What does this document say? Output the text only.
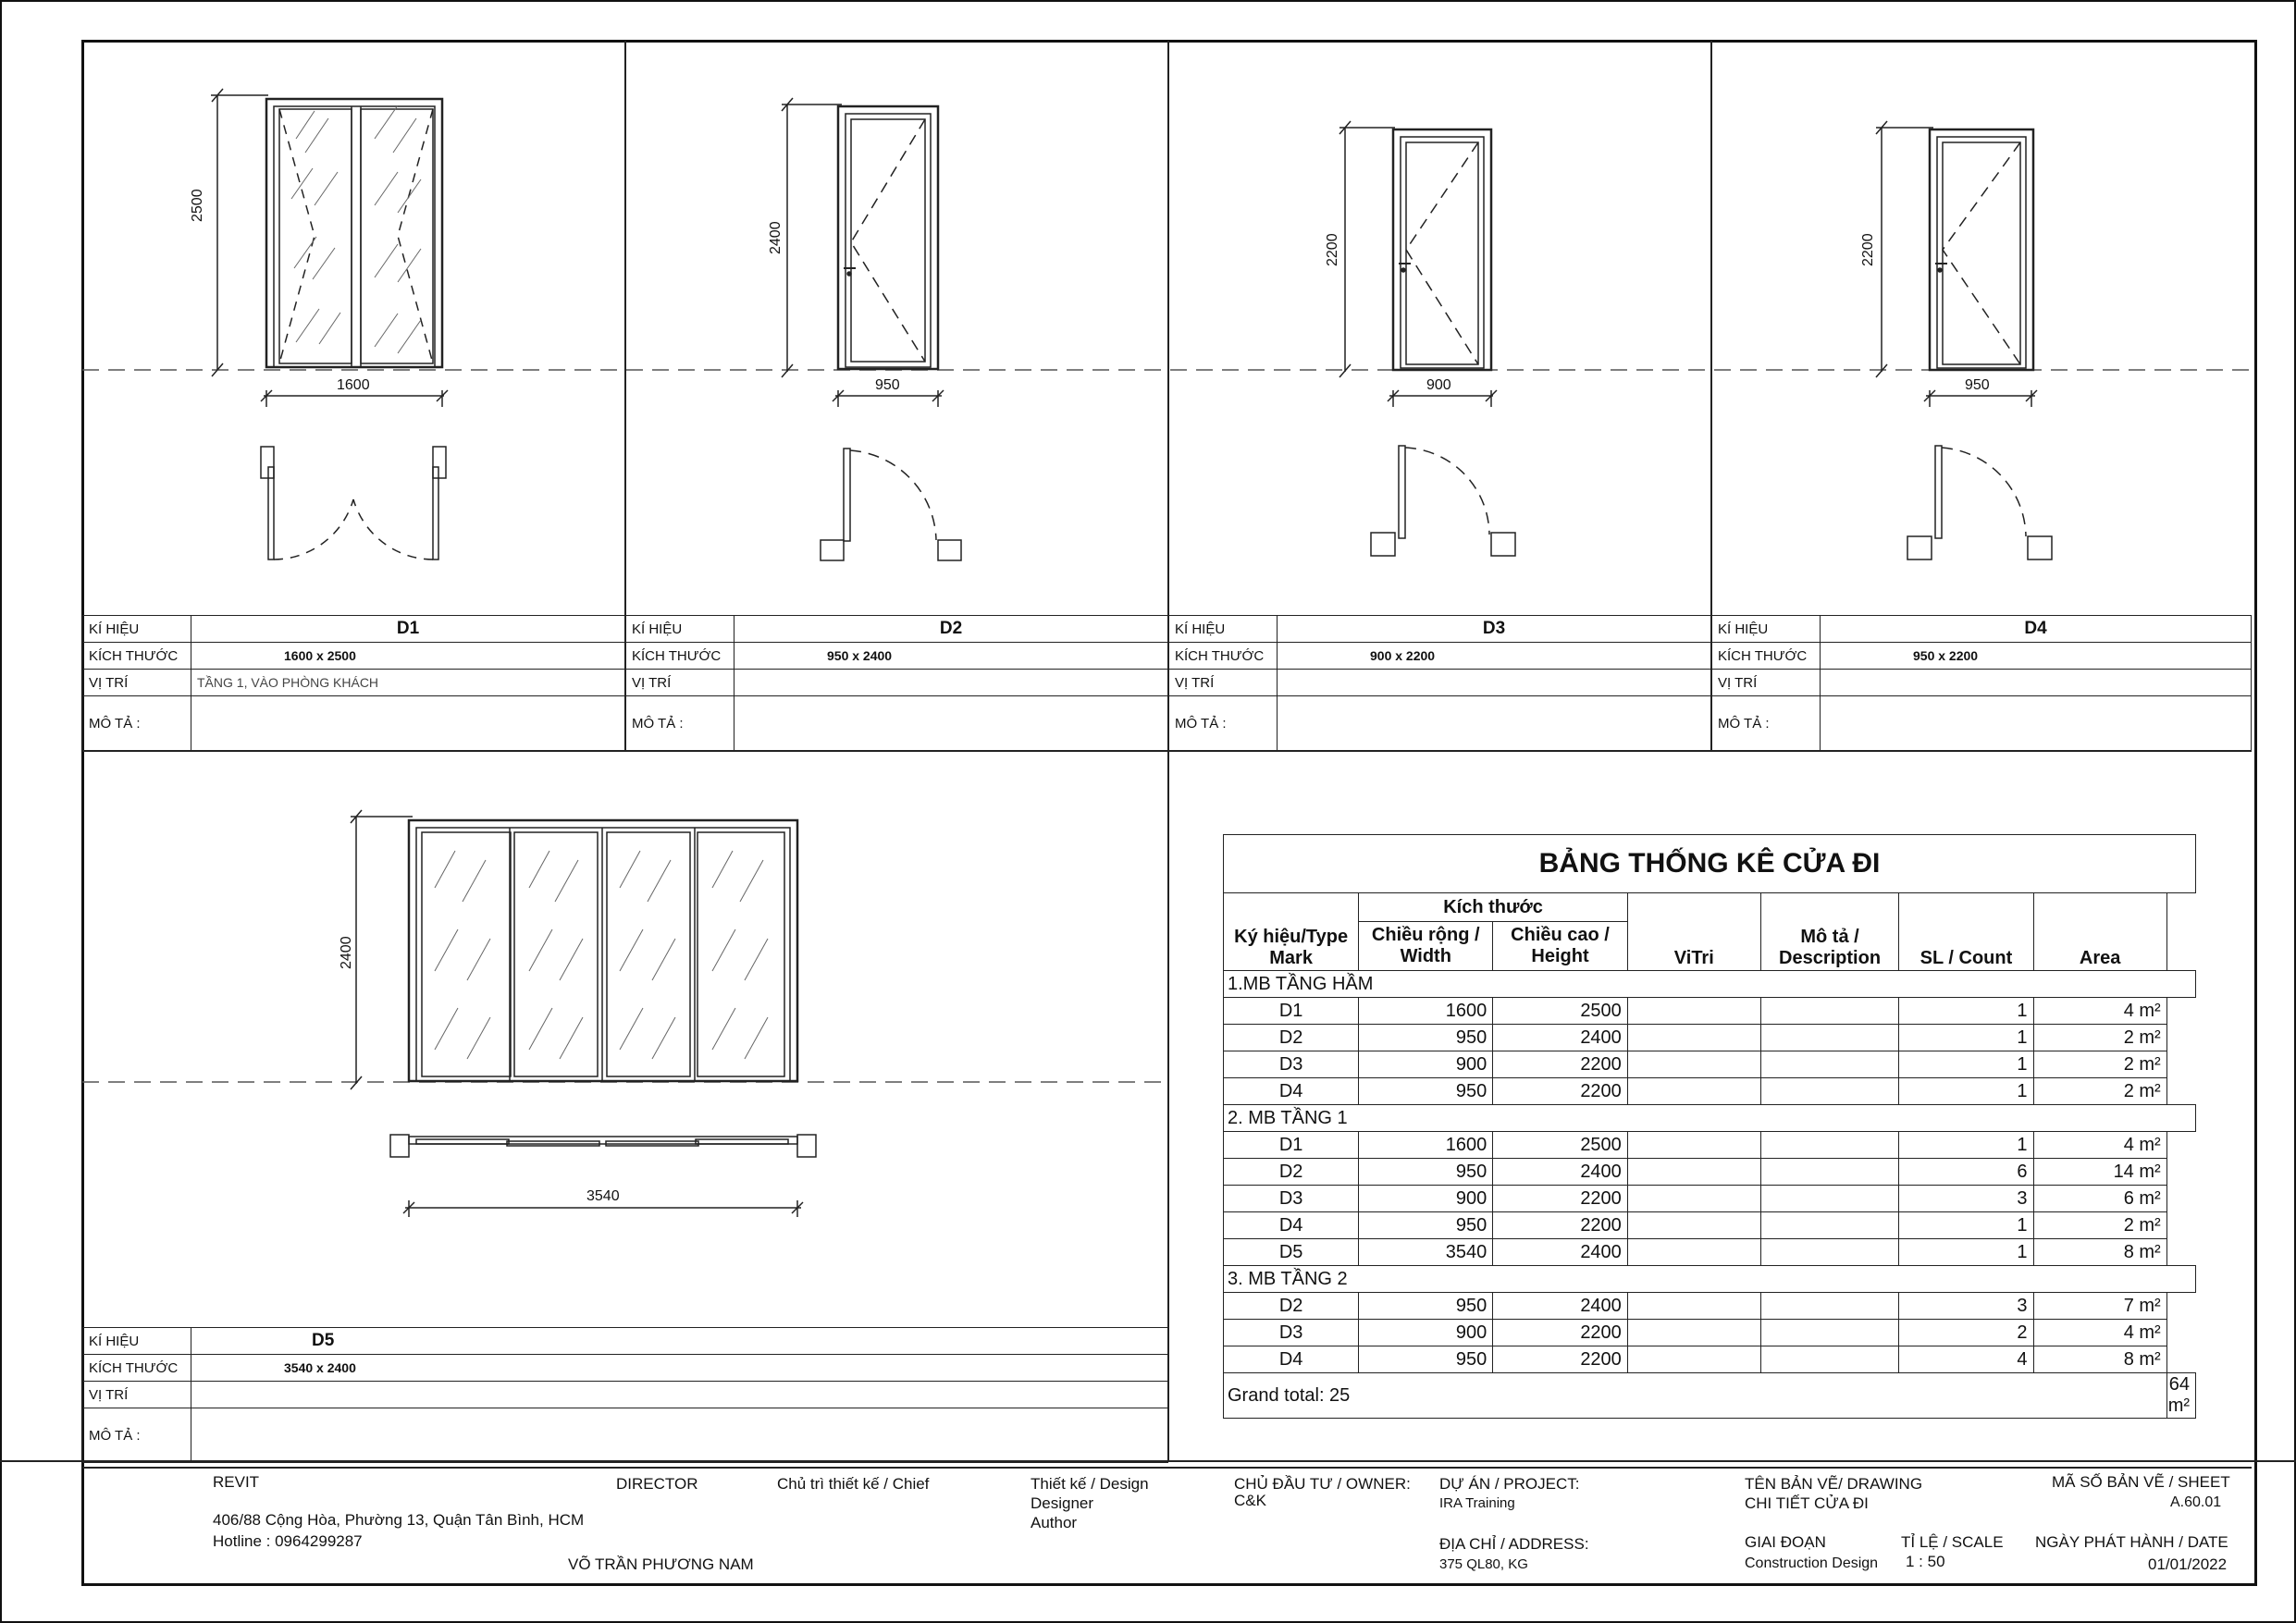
2500
1600
2400
950
2200
900
2200
950
2400
3540
KÍ HIỆU	D1
KÍCH THƯỚC	1600 x 2500
VỊ TRÍ	TẦNG 1, VÀO PHÒNG KHÁCH
MÔ TẢ :	
KÍ HIỆU	D2
KÍCH THƯỚC	950 x 2400
VỊ TRÍ	
MÔ TẢ :	
KÍ HIỆU	D3
KÍCH THƯỚC	900 x 2200
VỊ TRÍ	
MÔ TẢ :	
KÍ HIỆU	D4
KÍCH THƯỚC	950 x 2200
VỊ TRÍ	
MÔ TẢ :	
KÍ HIỆU	D5
KÍCH THƯỚC	3540 x 2400
VỊ TRÍ	
MÔ TẢ :	
BẢNG THỐNG KÊ CỬA ĐI							
Ký hiệu/Type Mark	Kích thước		ViTri	Mô tả / Description	SL / Count	Area	
	Chiều rộng / Width	Chiều cao / Height					
1.MB TẦNG HẦM							
D1	1600	2500			1	4 m²	
D2	950	2400			1	2 m²	
D3	900	2200			1	2 m²	
D4	950	2200			1	2 m²	
2. MB TẦNG 1							
D1	1600	2500			1	4 m²	
D2	950	2400			6	14 m²	
D3	900	2200			3	6 m²	
D4	950	2200			1	2 m²	
D5	3540	2400			1	8 m²	
3. MB TẦNG 2							
D2	950	2400			3	7 m²	
D3	900	2200			2	4 m²	
D4	950	2200			4	8 m²	
Grand total: 25							64 m²
REVIT
406/88 Cộng Hòa, Phường 13, Quận Tân Bình, HCM
Hotline : 0964299287
DIRECTOR
VÕ TRẦN PHƯƠNG NAM
Chủ trì thiết kế / Chief	Thiết kế / Design
Designer
Author
CHỦ ĐẦU TƯ / OWNER:
C&K
DỰ ÁN / PROJECT:
IRA Training
ĐỊA CHỈ / ADDRESS:
375 QL80, KG
TÊN BẢN VẼ/ DRAWING
CHI TIẾT CỬA ĐI
GIAI ĐOẠN
Construction Design
TỈ LỆ / SCALE
1 : 50
MÃ SỐ BẢN VẼ / SHEET
A.60.01
NGÀY PHÁT HÀNH / DATE
01/01/2022
